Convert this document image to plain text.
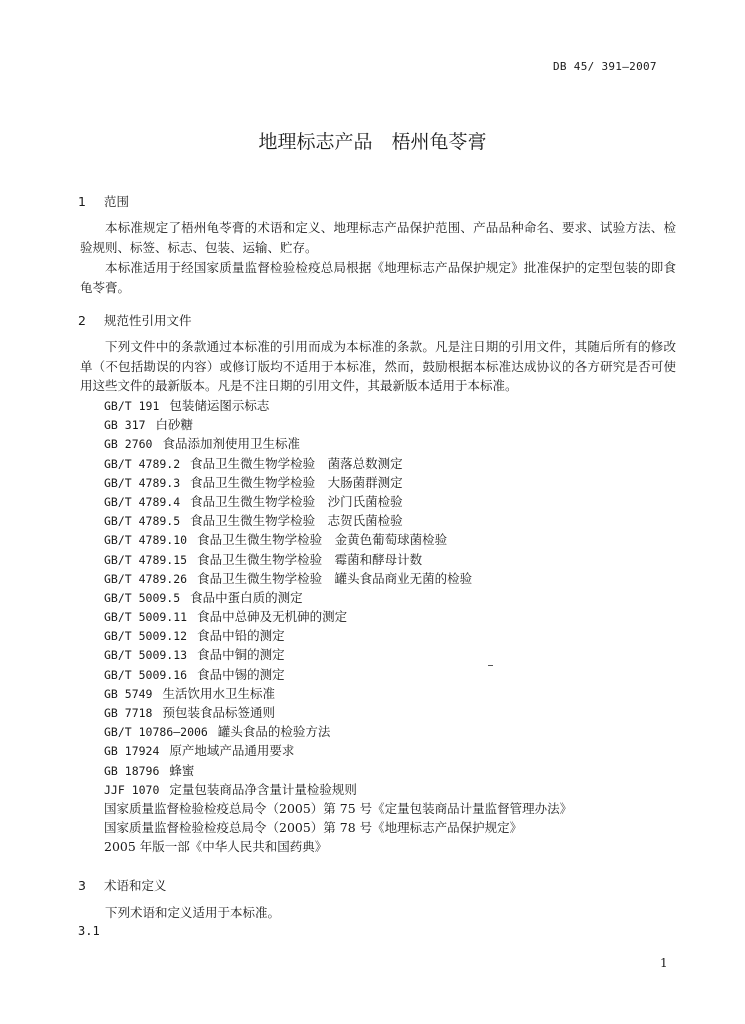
DB 45/ 391—2007
地理标志产品　梧州龟苓膏
1 范围

本标准规定了梧州龟苓膏的术语和定义、地理标志产品保护范围、产品品种命名、要求、试验方法、检验规则、标签、标志、包装、运输、贮存。

本标准适用于经国家质量监督检验检疫总局根据《地理标志产品保护规定》批准保护的定型包装的即食龟苓膏。

2 规范性引用文件

下列文件中的条款通过本标准的引用而成为本标准的条款。凡是注日期的引用文件，其随后所有的修改单（不包括勘误的内容）或修订版均不适用于本标准，然而，鼓励根据本标准达成协议的各方研究是否可使用这些文件的最新版本。凡是不注日期的引用文件，其最新版本适用于本标准。

GB/T 191 包装储运图示标志
GB 317 白砂糖
GB 2760 食品添加剂使用卫生标准
GB/T 4789.2 食品卫生微生物学检验　菌落总数测定
GB/T 4789.3 食品卫生微生物学检验　大肠菌群测定
GB/T 4789.4 食品卫生微生物学检验　沙门氏菌检验
GB/T 4789.5 食品卫生微生物学检验　志贺氏菌检验
GB/T 4789.10 食品卫生微生物学检验　金黄色葡萄球菌检验
GB/T 4789.15 食品卫生微生物学检验　霉菌和酵母计数
GB/T 4789.26 食品卫生微生物学检验　罐头食品商业无菌的检验
GB/T 5009.5 食品中蛋白质的测定
GB/T 5009.11 食品中总砷及无机砷的测定
GB/T 5009.12 食品中铅的测定
GB/T 5009.13 食品中铜的测定
GB/T 5009.16 食品中锡的测定
GB 5749 生活饮用水卫生标准
GB 7718 预包装食品标签通则
GB/T 10786—2006 罐头食品的检验方法
GB 17924 原产地域产品通用要求
GB 18796 蜂蜜
JJF 1070 定量包装商品净含量计量检验规则
国家质量监督检验检疫总局令（2005）第 75 号《定量包装商品计量监督管理办法》
国家质量监督检验检疫总局令（2005）第 78 号《地理标志产品保护规定》
2005 年版一部《中华人民共和国药典》
3 术语和定义

下列术语和定义适用于本标准。

3.1
1
